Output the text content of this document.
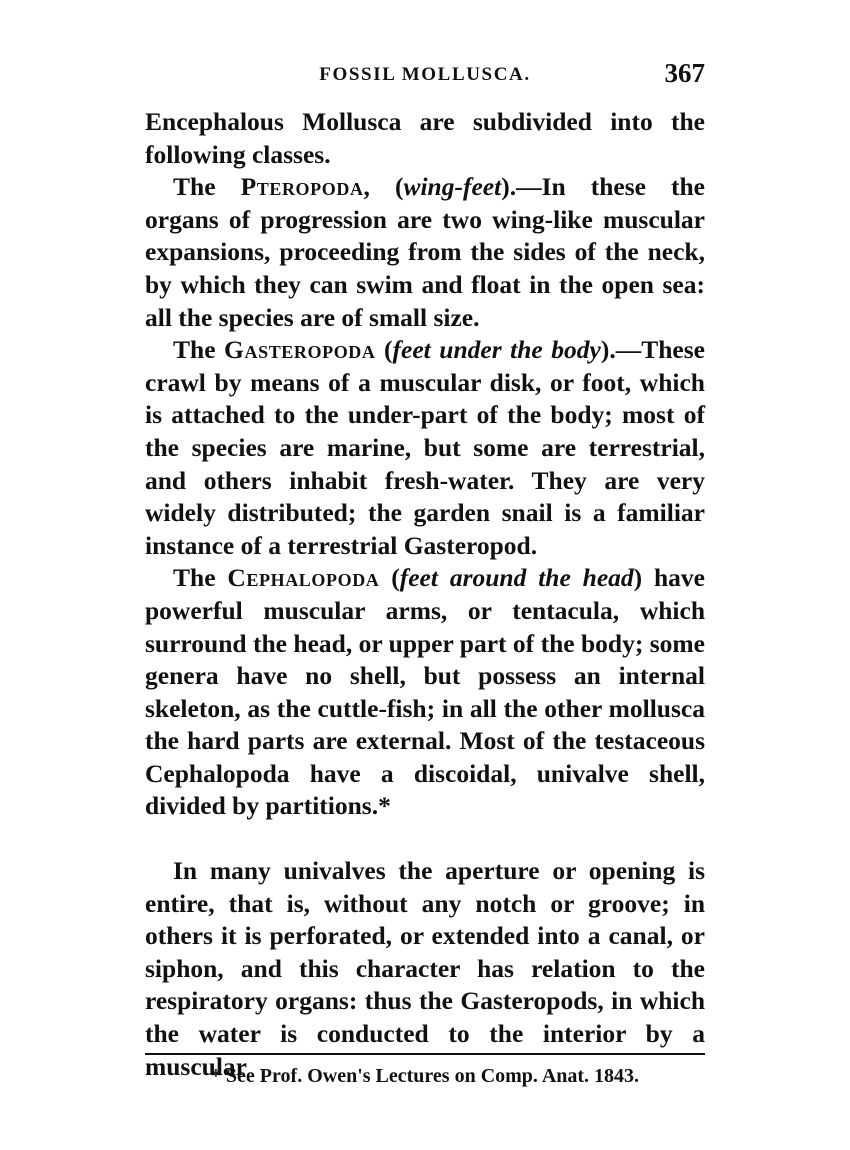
FOSSIL MOLLUSCA.	367

Encephalous Mollusca are subdivided into the following classes.

The Pteropoda, (wing-feet).—In these the organs of progression are two wing-like muscular expansions, proceeding from the sides of the neck, by which they can swim and float in the open sea: all the species are of small size.

The Gasteropoda (feet under the body).—These crawl by means of a muscular disk, or foot, which is attached to the under-part of the body; most of the species are marine, but some are terrestrial, and others inhabit fresh-water. They are very widely distributed; the garden snail is a familiar instance of a terrestrial Gasteropod.

The Cephalopoda (feet around the head) have powerful muscular arms, or tentacula, which surround the head, or upper part of the body; some genera have no shell, but possess an internal skeleton, as the cuttle-fish; in all the other mollusca the hard parts are external. Most of the testaceous Cephalopoda have a discoidal, univalve shell, divided by partitions.*

In many univalves the aperture or opening is entire, that is, without any notch or groove; in others it is perforated, or extended into a canal, or siphon, and this character has relation to the respiratory organs: thus the Gasteropods, in which the water is conducted to the interior by a muscular

* See Prof. Owen's Lectures on Comp. Anat. 1843.
